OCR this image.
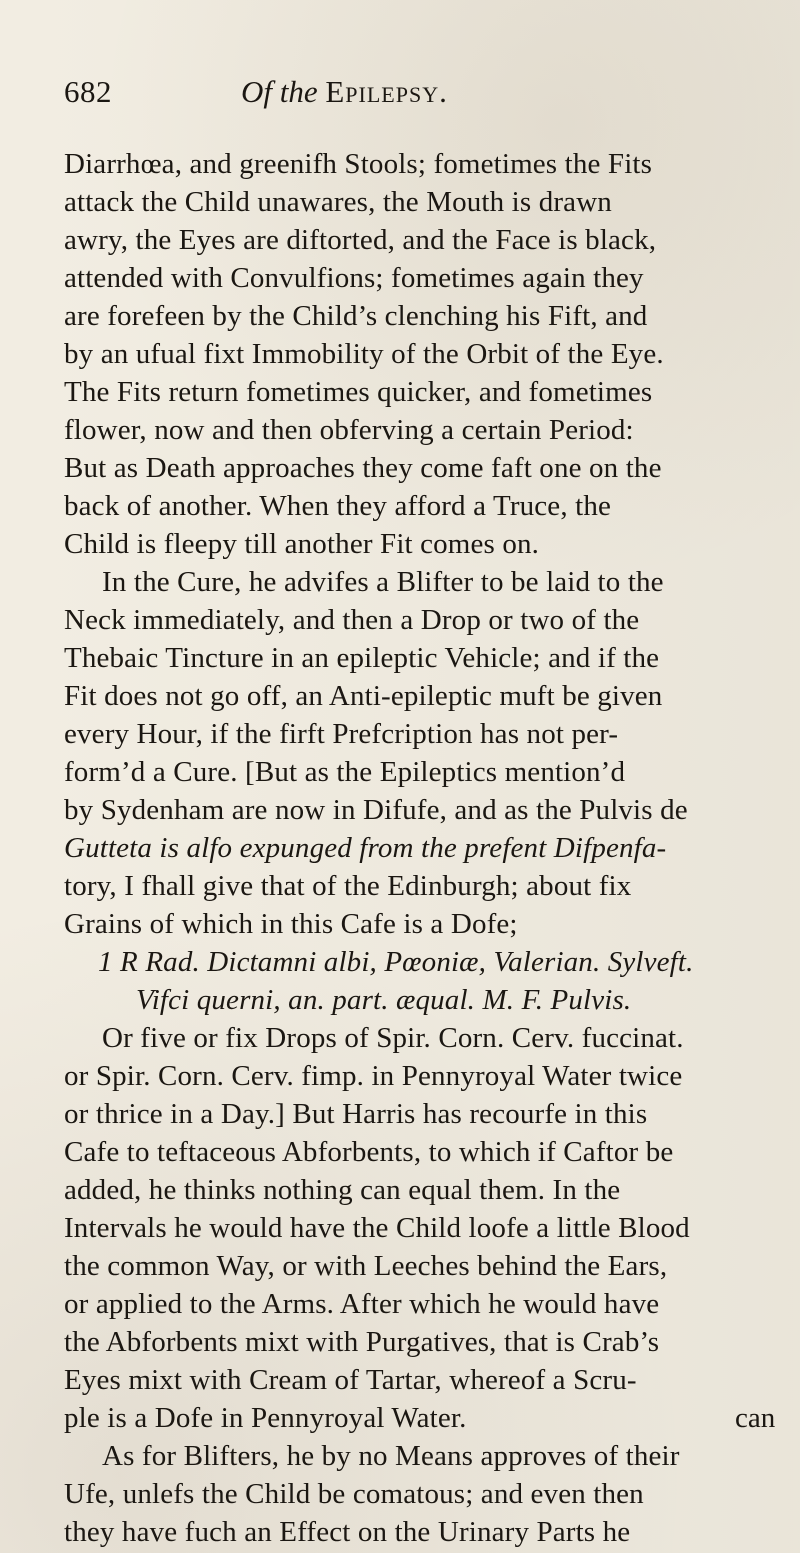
682	Of the Epilepsy.
Diarrhœa, and greenifh Stools; fometimes the Fits
attack the Child unawares, the Mouth is drawn
awry, the Eyes are diftorted, and the Face is black,
attended with Convulfions; fometimes again they
are forefeen by the Child’s clenching his Fift, and
by an ufual fixt Immobility of the Orbit of the Eye.
The Fits return fometimes quicker, and fometimes
flower, now and then obferving a certain Period:
But as Death approaches they come faft one on the
back of another. When they afford a Truce, the
Child is fleepy till another Fit comes on.
In the Cure, he advifes a Blifter to be laid to the
Neck immediately, and then a Drop or two of the
Thebaic Tincture in an epileptic Vehicle; and if the
Fit does not go off, an Anti-epileptic muft be given
every Hour, if the firft Prefcription has not per-
form’d a Cure. [But as the Epileptics mention’d
by Sydenham are now in Difufe, and as the Pulvis de
Gutteta is alfo expunged from the prefent Difpenfa-
tory, I fhall give that of the Edinburgh; about fix
Grains of which in this Cafe is a Dofe;
1 R Rad. Dictamni albi, Pœoniæ, Valerian. Sylveft.
Vifci querni, an. part. æqual. M. F. Pulvis.
Or five or fix Drops of Spir. Corn. Cerv. fuccinat.
or Spir. Corn. Cerv. fimp. in Pennyroyal Water twice
or thrice in a Day.] But Harris has recourfe in this
Cafe to teftaceous Abforbents, to which if Caftor be
added, he thinks nothing can equal them. In the
Intervals he would have the Child loofe a little Blood
the common Way, or with Leeches behind the Ears,
or applied to the Arms. After which he would have
the Abforbents mixt with Purgatives, that is Crab’s
Eyes mixt with Cream of Tartar, whereof a Scru-
ple is a Dofe in Pennyroyal Water.
As for Blifters, he by no Means approves of their
Ufe, unlefs the Child be comatous; and even then
they have fuch an Effect on the Urinary Parts he
can
